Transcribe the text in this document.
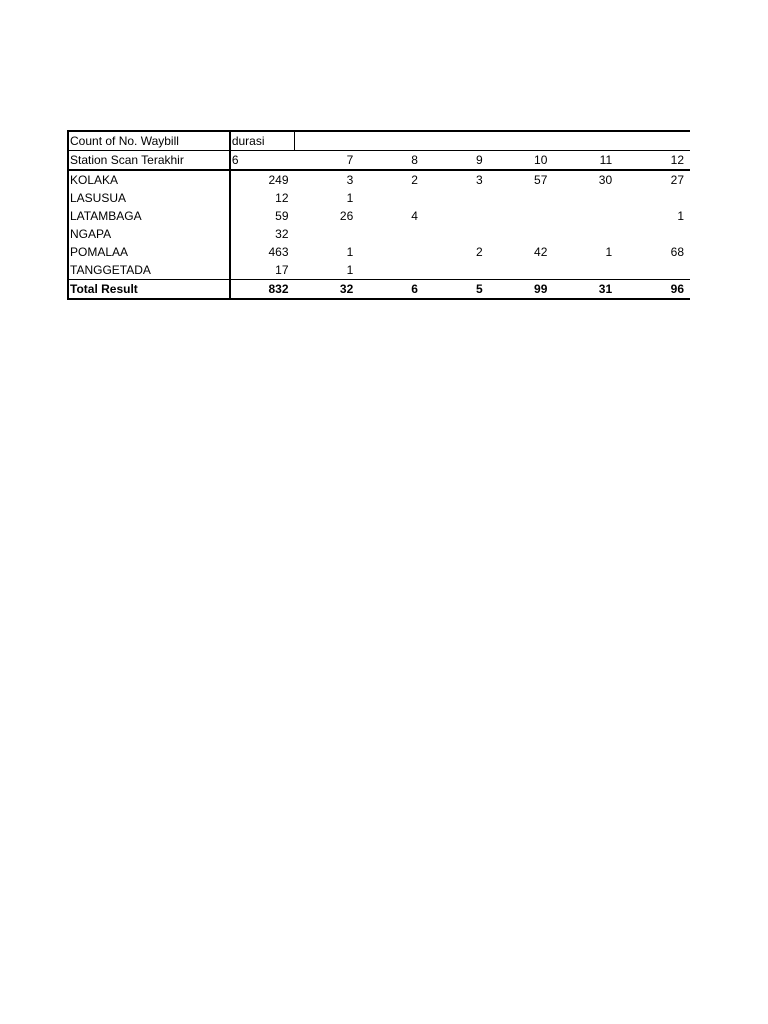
Count of No. Waybill	durasi						
Station Scan Terakhir	6	7	8	9	10	11	12
KOLAKA	249	3	2	3	57	30	27
LASUSUA	12	1					
LATAMBAGA	59	26	4				1
NGAPA	32						
POMALAA	463	1		2	42	1	68
TANGGETADA	17	1					
Total Result	832	32	6	5	99	31	96
